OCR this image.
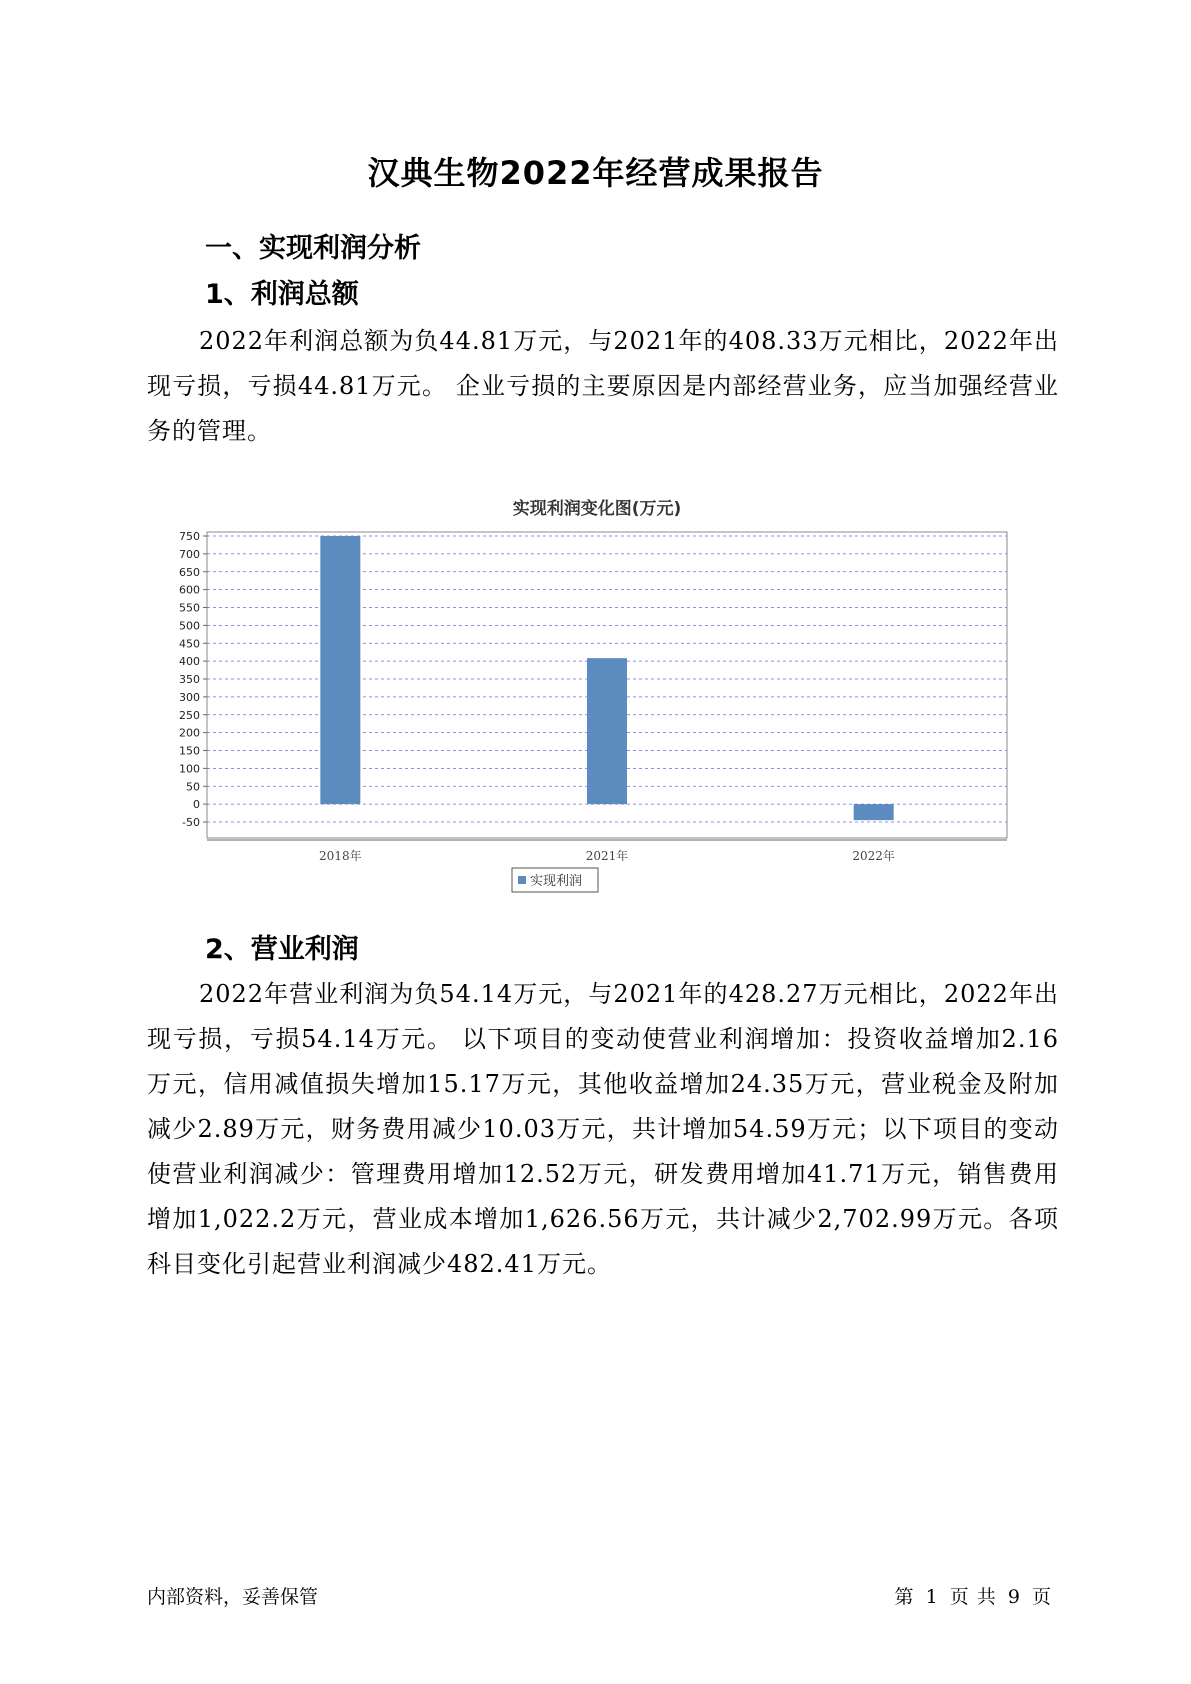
汉典生物2022年经营成果报告
一、实现利润分析
1、利润总额
2022年利润总额为负44.81万元，与2021年的408.33万元相比，2022年出现亏损，亏损44.81万元。 企业亏损的主要原因是内部经营业务，应当加强经营业务的管理。
实现利润变化图(万元)
-50
0
50
100
150
200
250
300
350
400
450
500
550
600
650
700
750
2018年	2021年	2022年
实现利润
2、营业利润
2022年营业利润为负54.14万元，与2021年的428.27万元相比，2022年出现亏损，亏损54.14万元。 以下项目的变动使营业利润增加：投资收益增加2.16万元，信用减值损失增加15.17万元，其他收益增加24.35万元，营业税金及附加减少2.89万元，财务费用减少10.03万元，共计增加54.59万元；以下项目的变动使营业利润减少：管理费用增加12.52万元，研发费用增加41.71万元，销售费用增加1,022.2万元，营业成本增加1,626.56万元，共计减少2,702.99万元。各项科目变化引起营业利润减少482.41万元。
内部资料，妥善保管	第 1 页 共 9 页
